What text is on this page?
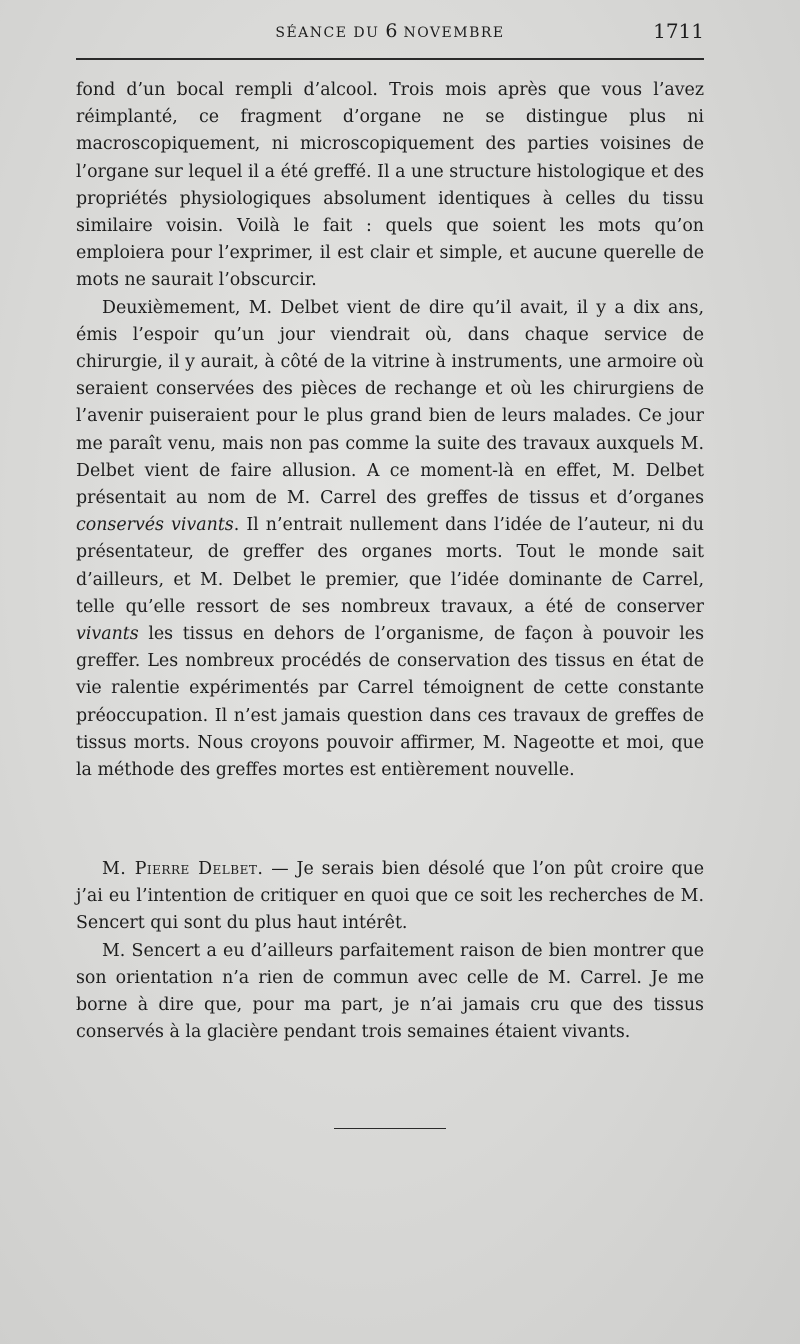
SÉANCE DU 6 NOVEMBRE	1711

fond d’un bocal rempli d’alcool. Trois mois après que vous l’avez réimplanté, ce fragment d’organe ne se distingue plus ni macroscopiquement, ni microscopiquement des parties voisines de l’organe sur lequel il a été greffé. Il a une structure histologique et des propriétés physiologiques absolument identiques à celles du tissu similaire voisin. Voilà le fait : quels que soient les mots qu’on emploiera pour l’exprimer, il est clair et simple, et aucune querelle de mots ne saurait l’obscurcir.

Deuxièmement, M. Delbet vient de dire qu’il avait, il y a dix ans, émis l’espoir qu’un jour viendrait où, dans chaque service de chirurgie, il y aurait, à côté de la vitrine à instruments, une armoire où seraient conservées des pièces de rechange et où les chirurgiens de l’avenir puiseraient pour le plus grand bien de leurs malades. Ce jour me paraît venu, mais non pas comme la suite des travaux auxquels M. Delbet vient de faire allusion. A ce moment-là en effet, M. Delbet présentait au nom de M. Carrel des greffes de tissus et d’organes conservés vivants. Il n’entrait nullement dans l’idée de l’auteur, ni du présentateur, de greffer des organes morts. Tout le monde sait d’ailleurs, et M. Delbet le premier, que l’idée dominante de Carrel, telle qu’elle ressort de ses nombreux travaux, a été de conserver vivants les tissus en dehors de l’organisme, de façon à pouvoir les greffer. Les nombreux procédés de conservation des tissus en état de vie ralentie expérimentés par Carrel témoignent de cette constante préoccupation. Il n’est jamais question dans ces travaux de greffes de tissus morts. Nous croyons pouvoir affirmer, M. Nageotte et moi, que la méthode des greffes mortes est entièrement nouvelle.

M. Pierre Delbet. — Je serais bien désolé que l’on pût croire que j’ai eu l’intention de critiquer en quoi que ce soit les recherches de M. Sencert qui sont du plus haut intérêt.

M. Sencert a eu d’ailleurs parfaitement raison de bien montrer que son orientation n’a rien de commun avec celle de M. Carrel. Je me borne à dire que, pour ma part, je n’ai jamais cru que des tissus conservés à la glacière pendant trois semaines étaient vivants.
